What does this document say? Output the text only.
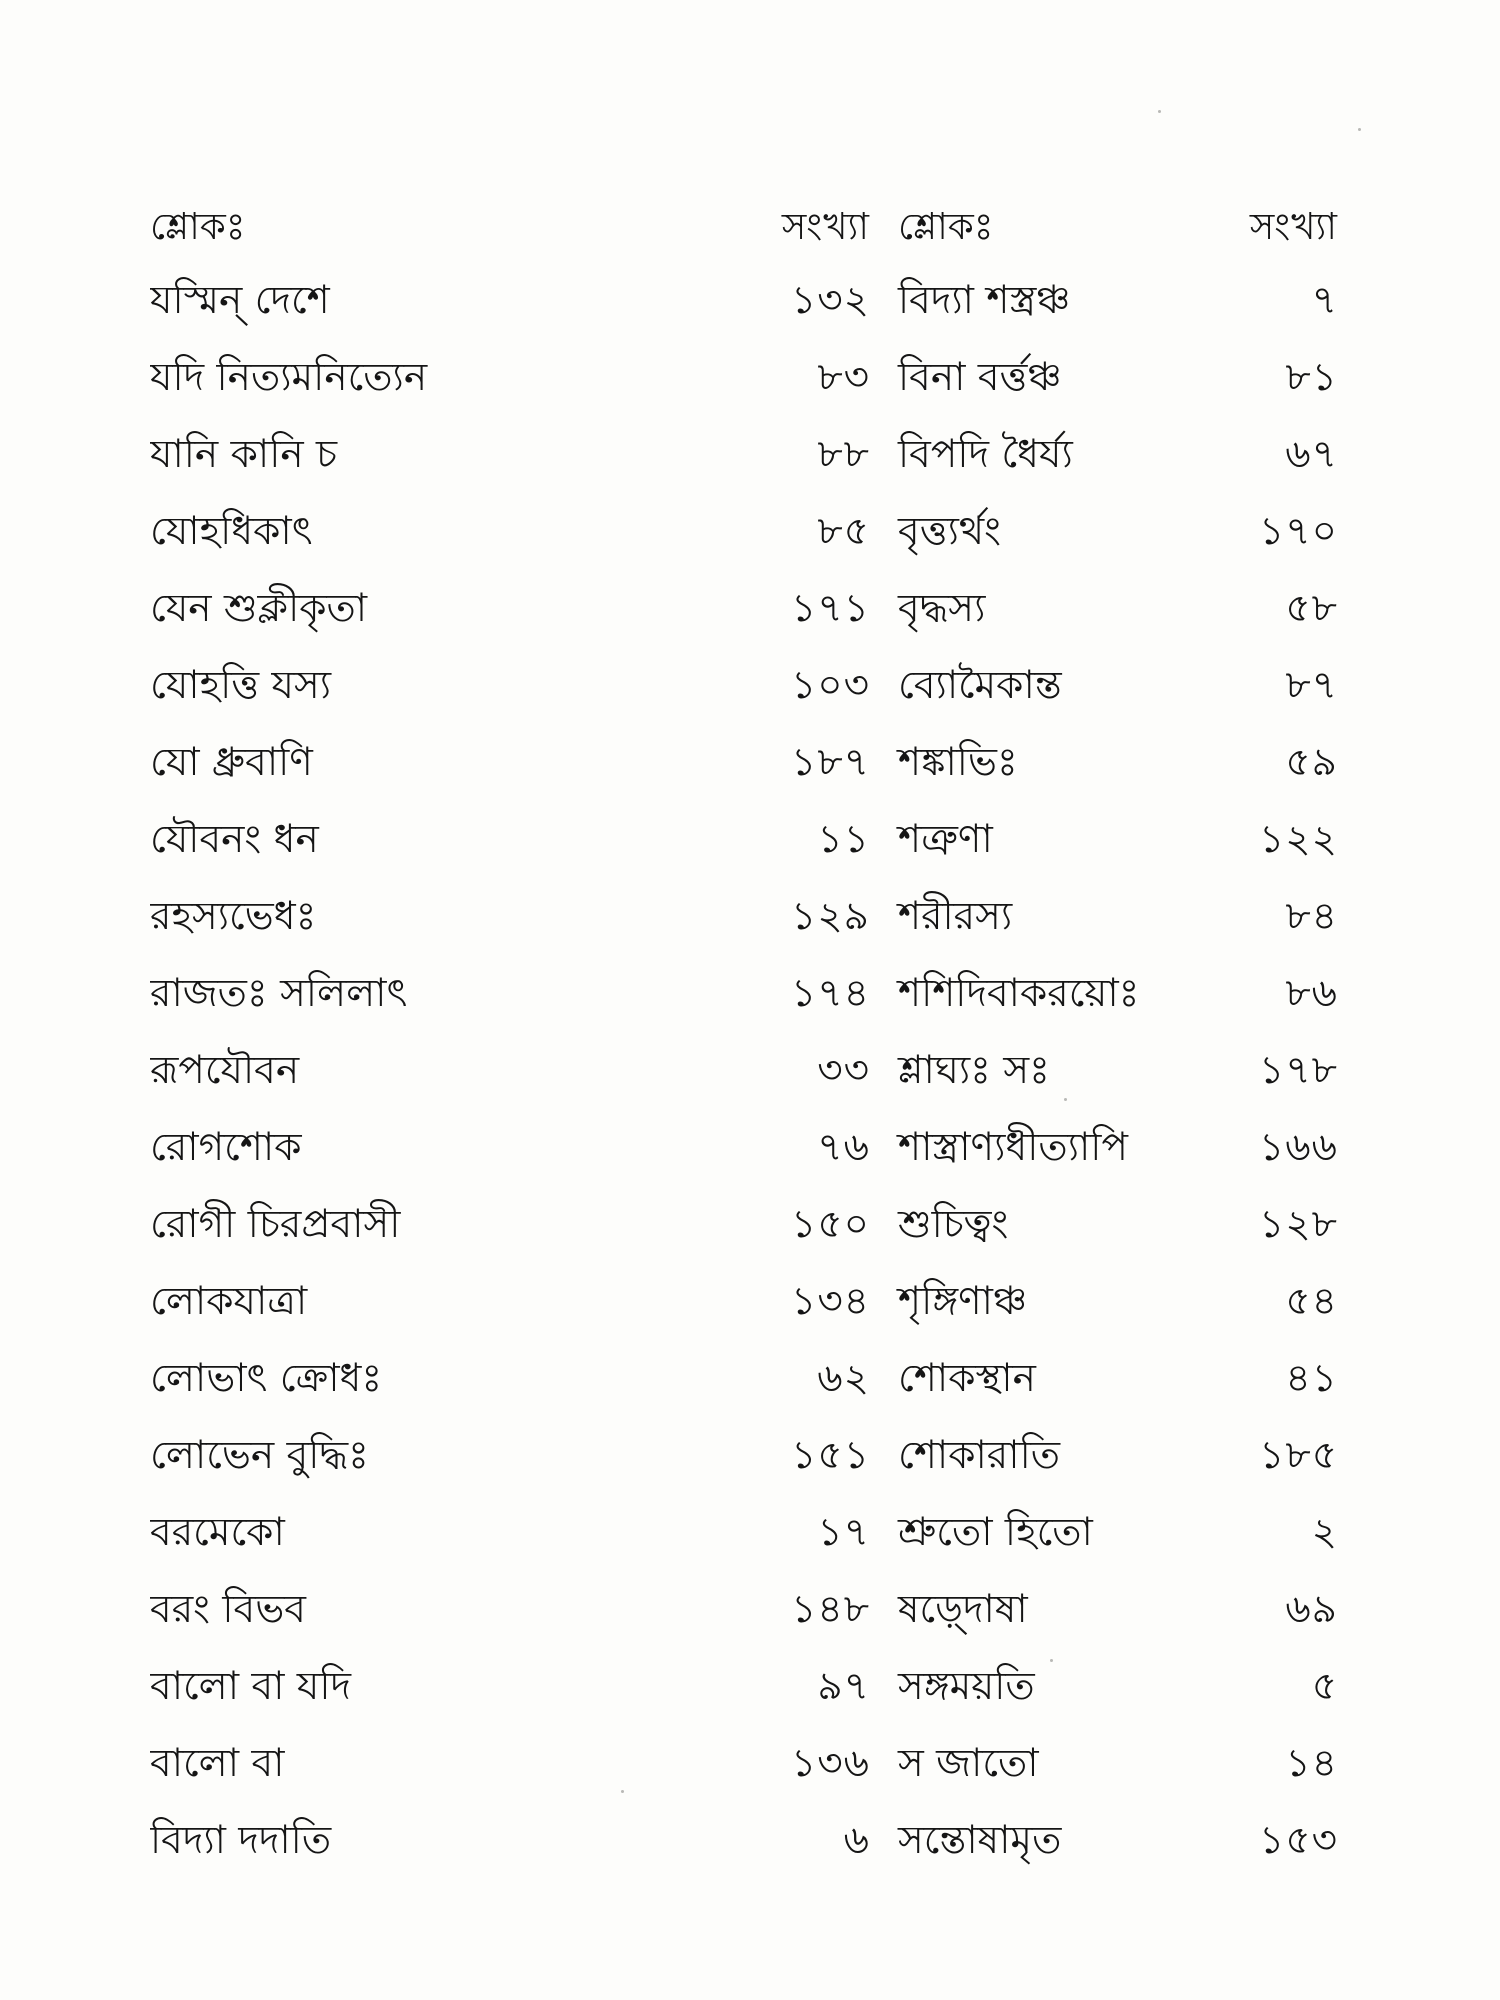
শ্লোকঃ	সংখ্যা	শ্লোকঃ	সংখ্যা
যস্মিন্ দেশে	১৩২	বিদ্যা শস্ত্রঞ্চ	৭
যদি নিত্যমনিত্যেন	৮৩	বিনা বর্ত্তঞ্চ	৮১
যানি কানি চ	৮৮	বিপদি ধৈর্য্য	৬৭
যোহধিকাৎ	৮৫	বৃত্ত্যর্থং	১৭০
যেন শুক্লীকৃতা	১৭১	বৃদ্ধস্য	৫৮
যোহত্তি যস্য	১০৩	ব্যোমৈকান্ত	৮৭
যো ধ্রুবাণি	১৮৭	শঙ্কাভিঃ	৫৯
যৌবনং ধন	১১	শত্রুণা	১২২
রহস্যভেধঃ	১২৯	শরীরস্য	৮৪
রাজতঃ সলিলাৎ	১৭৪	শশিদিবাকরয়োঃ	৮৬
রূপযৌবন	৩৩	শ্লাঘ্যঃ সঃ	১৭৮
রোগশোক	৭৬	শাস্ত্রাণ্যধীত্যাপি	১৬৬
রোগী চিরপ্রবাসী	১৫০	শুচিত্বং	১২৮
লোকযাত্রা	১৩৪	শৃঙ্গিণাঞ্চ	৫৪
লোভাৎ ক্রোধঃ	৬২	শোকস্থান	৪১
লোভেন বুদ্ধিঃ	১৫১	শোকারাতি	১৮৫
বরমেকো	১৭	শ্রুতো হিতো	২
বরং বিভব	১৪৮	ষড়্দোষা	৬৯
বালো বা যদি	৯৭	সঙ্গময়তি	৫
বালো বা	১৩৬	স জাতো	১৪
বিদ্যা দদাতি	৬	সন্তোষামৃত	১৫৩
